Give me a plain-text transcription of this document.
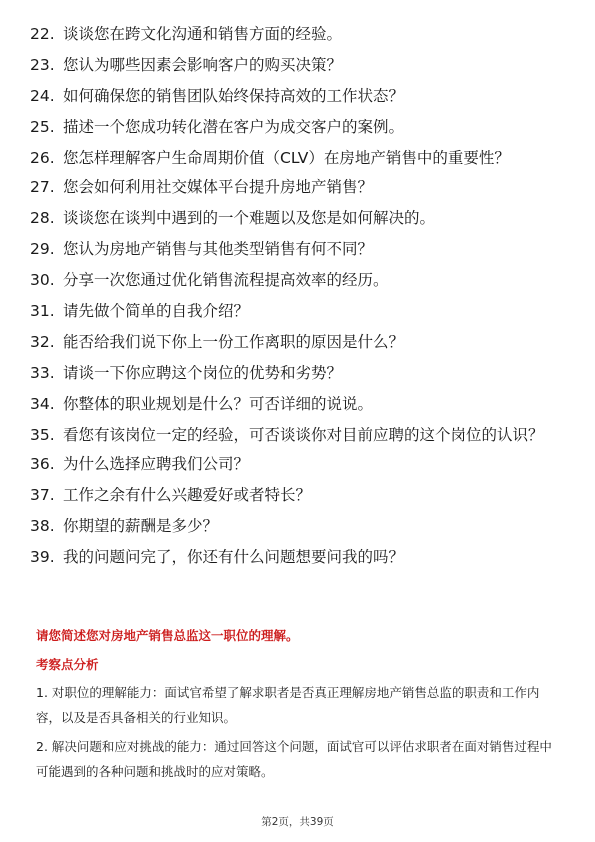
22. 谈谈您在跨文化沟通和销售方面的经验。
23. 您认为哪些因素会影响客户的购买决策？
24. 如何确保您的销售团队始终保持高效的工作状态？
25. 描述一个您成功转化潜在客户为成交客户的案例。
26. 您怎样理解客户生命周期价值（CLV）在房地产销售中的重要性？
27. 您会如何利用社交媒体平台提升房地产销售？
28. 谈谈您在谈判中遇到的一个难题以及您是如何解决的。
29. 您认为房地产销售与其他类型销售有何不同？
30. 分享一次您通过优化销售流程提高效率的经历。
31. 请先做个简单的自我介绍？
32. 能否给我们说下你上一份工作离职的原因是什么？
33. 请谈一下你应聘这个岗位的优势和劣势？
34. 你整体的职业规划是什么？可否详细的说说。
35. 看您有该岗位一定的经验，可否谈谈你对目前应聘的这个岗位的认识？
36. 为什么选择应聘我们公司？
37. 工作之余有什么兴趣爱好或者特长？
38. 你期望的薪酬是多少？
39. 我的问题问完了，你还有什么问题想要问我的吗？
请您简述您对房地产销售总监这一职位的理解。
考察点分析

1. 对职位的理解能力：面试官希望了解求职者是否真正理解房地产销售总监的职责和工作内容，以及是否具备相关的行业知识。

2. 解决问题和应对挑战的能力：通过回答这个问题，面试官可以评估求职者在面对销售过程中可能遇到的各种问题和挑战时的应对策略。

第2页，共39页
